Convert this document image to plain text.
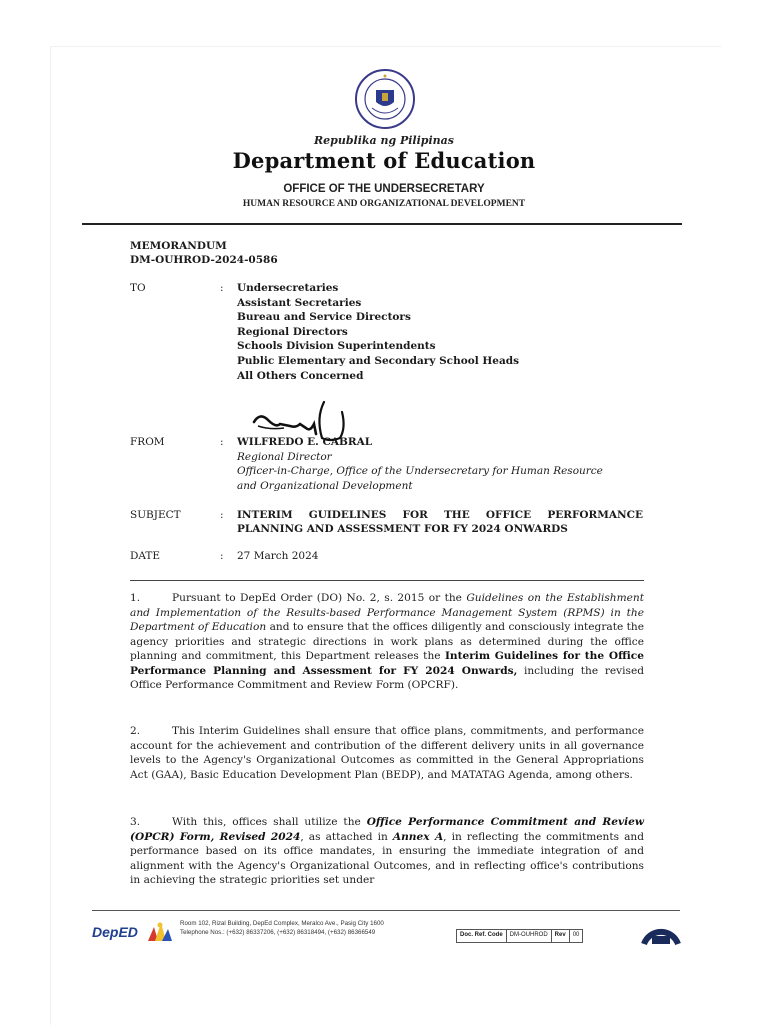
Republika ng Pilipinas
Department of Education
OFFICE OF THE UNDERSECRETARY
HUMAN RESOURCE AND ORGANIZATIONAL DEVELOPMENT
MEMORANDUM
DM-OUHROD-2024-0586
TO	: Undersecretaries
Assistant Secretaries
Bureau and Service Directors
Regional Directors
Schools Division Superintendents
Public Elementary and Secondary School Heads
All Others Concerned
FROM	: WILFREDO E. CABRAL
Regional Director
Officer-in-Charge, Office of the Undersecretary for Human Resource
and Organizational Development
SUBJECT	: INTERIM GUIDELINES FOR THE OFFICE PERFORMANCE PLANNING AND ASSESSMENT FOR FY 2024 ONWARDS
DATE	: 27 March 2024
1.	Pursuant to DepEd Order (DO) No. 2, s. 2015 or the Guidelines on the Establishment and Implementation of the Results-based Performance Management System (RPMS) in the Department of Education and to ensure that the offices diligently and consciously integrate the agency priorities and strategic directions in work plans as determined during the office planning and commitment, this Department releases the Interim Guidelines for the Office Performance Planning and Assessment for FY 2024 Onwards, including the revised Office Performance Commitment and Review Form (OPCRF).
2.	This Interim Guidelines shall ensure that office plans, commitments, and performance account for the achievement and contribution of the different delivery units in all governance levels to the Agency's Organizational Outcomes as committed in the General Appropriations Act (GAA), Basic Education Development Plan (BEDP), and MATATAG Agenda, among others.
3.	With this, offices shall utilize the Office Performance Commitment and Review (OPCR) Form, Revised 2024, as attached in Annex A, in reflecting the commitments and performance based on its office mandates, in ensuring the immediate integration of and alignment with the Agency's Organizational Outcomes, and in reflecting office's contributions in achieving the strategic priorities set under
DepED
Room 102, Rizal Building, DepEd Complex, Meralco Ave., Pasig City 1600
Telephone Nos.: (+632) 86337206, (+632) 86318494, (+632) 86366549	Doc. Ref. Code	DM-OUHROD	Rev	00
